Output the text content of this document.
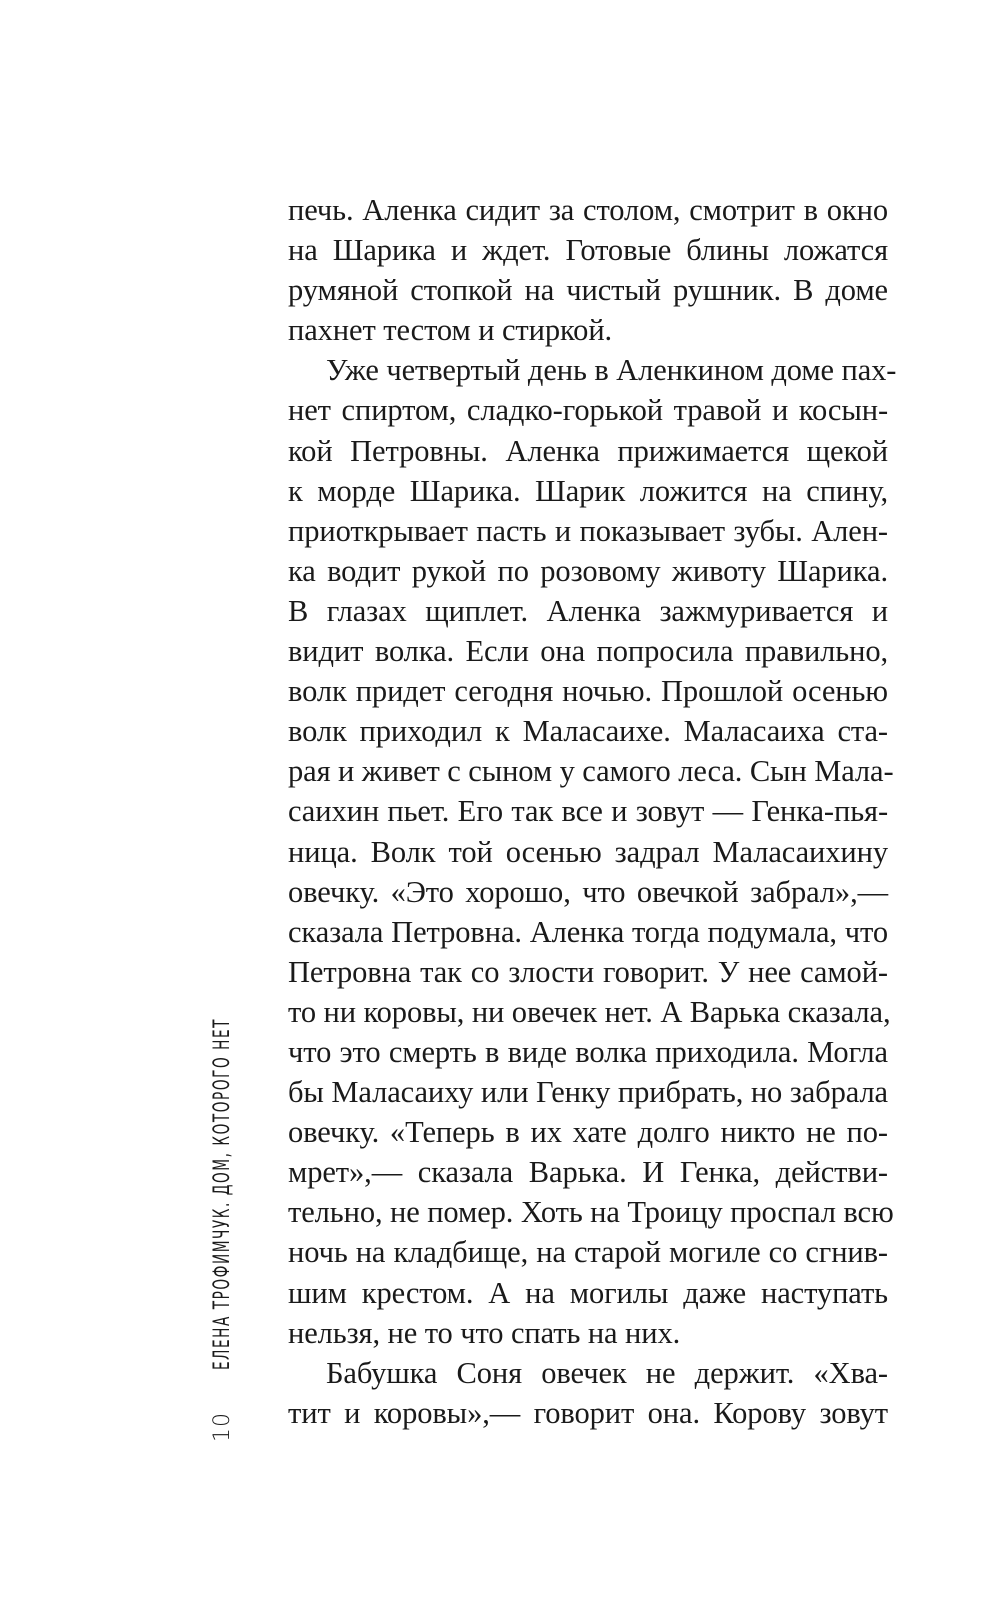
10
ЕЛЕНА ТРОФИМЧУК. ДОМ, КОТОРОГО НЕТ
печь. Аленка сидит за столом, смотрит в окно
на Шарика и ждет. Готовые блины ложатся
румяной стопкой на чистый рушник. В доме
пахнет тестом и стиркой.
Уже четвертый день в Аленкином доме пах-
нет спиртом, сладко-горькой травой и косын-
кой Петровны. Аленка прижимается щекой
к морде Шарика. Шарик ложится на спину,
приоткрывает пасть и показывает зубы. Ален-
ка водит рукой по розовому животу Шарика.
В глазах щиплет. Аленка зажмуривается и
видит волка. Если она попросила правильно,
волк придет сегодня ночью. Прошлой осенью
волк приходил к Маласаихе. Маласаиха ста-
рая и живет с сыном у самого леса. Сын Мала-
саихин пьет. Его так все и зовут — Генка-пья-
ница. Волк той осенью задрал Маласаихину
овечку. «Это хорошо, что овечкой забрал»,—
сказала Петровна. Аленка тогда подумала, что
Петровна так со злости говорит. У нее самой-
то ни коровы, ни овечек нет. А Варька сказала,
что это смерть в виде волка приходила. Могла
бы Маласаиху или Генку прибрать, но забрала
овечку. «Теперь в их хате долго никто не по-
мрет»,— сказала Варька. И Генка, действи-
тельно, не помер. Хоть на Троицу проспал всю
ночь на кладбище, на старой могиле со сгнив-
шим крестом. А на могилы даже наступать
нельзя, не то что спать на них.
Бабушка Соня овечек не держит. «Хва-
тит и коровы»,— говорит она. Корову зовут
